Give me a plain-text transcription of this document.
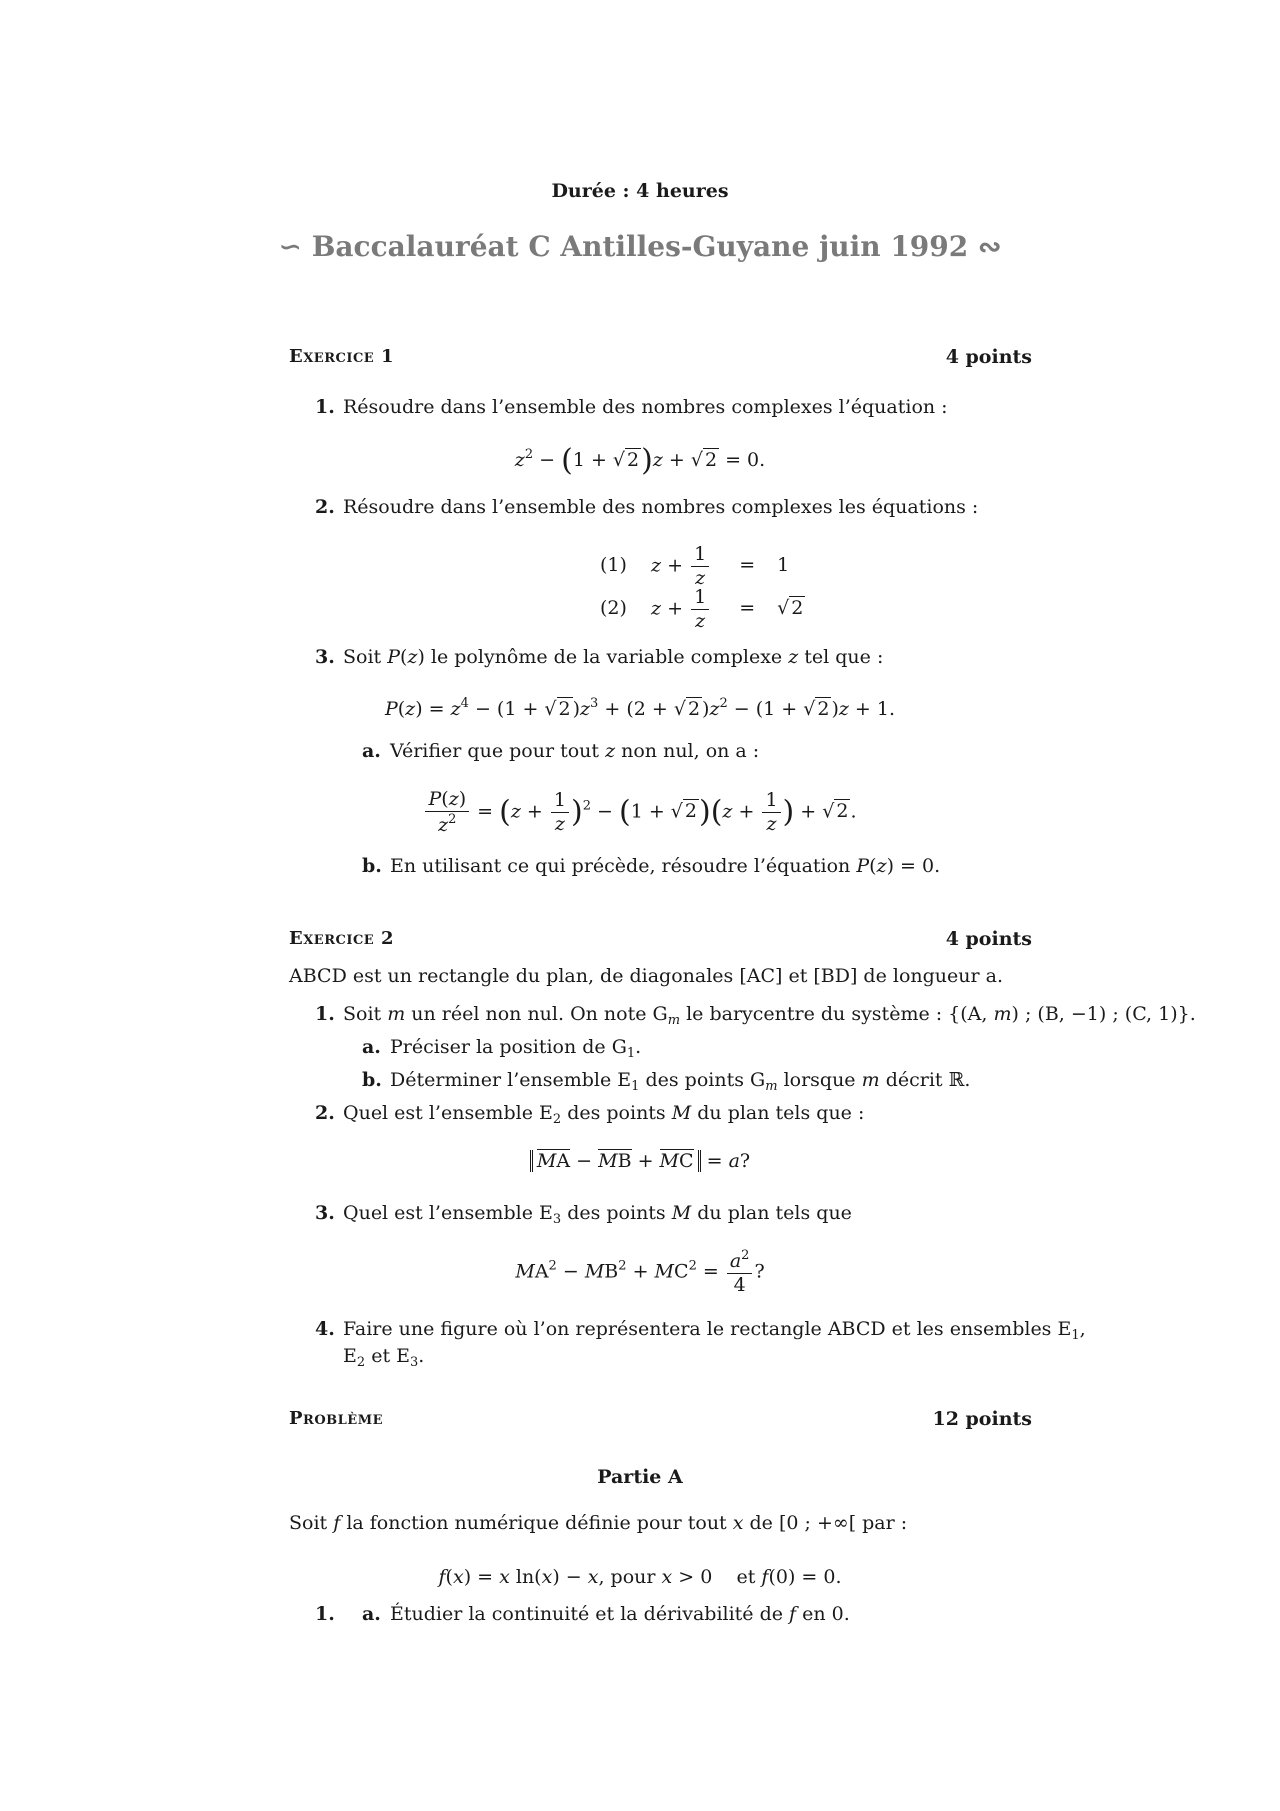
Durée : 4 heures
∽ Baccalauréat C Antilles-Guyane juin 1992 ∾
Exercice 1	4 points
1. Résoudre dans l’ensemble des nombres complexes l’équation :
$z^2 - (1$ + √ 2)z + √ 2 = 0.
2. Résoudre dans l’ensemble des nombres complexes les équations :
(1) $z + \frac{1}{z} = 1$
(2) $z + \frac{1}{z}$ = √ 2
3. Soit P(z) le polynôme de la variable complexe z tel que :
$P(z) = z^4 - (1$ + √ 2 )$z^3 + (2$ + √ 2 )$z^2 - (1$ + √ 2 )z + 1.
a. Vérifier que pour tout z non nul, on a :
$\frac{P(z)}{z^2} = (z + \frac{1}{z} )^2 - (1$ + √ $2)(z + \frac{1}{z}$ ) + √ 2 .
b. En utilisant ce qui précède, résoudre l’équation P(z) = 0.
Exercice 2	4 points
ABCD est un rectangle du plan, de diagonales [AC] et [BD] de longueur a.
1. Soit m un réel non nul. On note $G_m$ le barycentre du système : {(A, m) ; (B, −1) ; (C, 1)}.
a. Préciser la position de $G_1$.
b. Déterminer l’ensemble $E_1$ des points $G_m$ lorsque m décrit ℝ.
2. Quel est l’ensemble $E_2$ des points M du plan tels que :
MA − MB + MC = a?
3. Quel est l’ensemble $E_3$ des points M du plan tels que
$MA^2 - MB^2 + MC^2 = \frac{a^2}{4}$ ?
4. Faire une figure où l’on représentera le rectangle ABCD et les ensembles $E_1$,
$E_2$ et $E_3$.
Problème	12 points
Partie A
Soit f la fonction numérique définie pour tout x de [0 ; +∞[ par :
f(x) = x ln(x) − x, pour x > 0    et f(0) = 0.
1. a. Étudier la continuité et la dérivabilité de f en 0.
